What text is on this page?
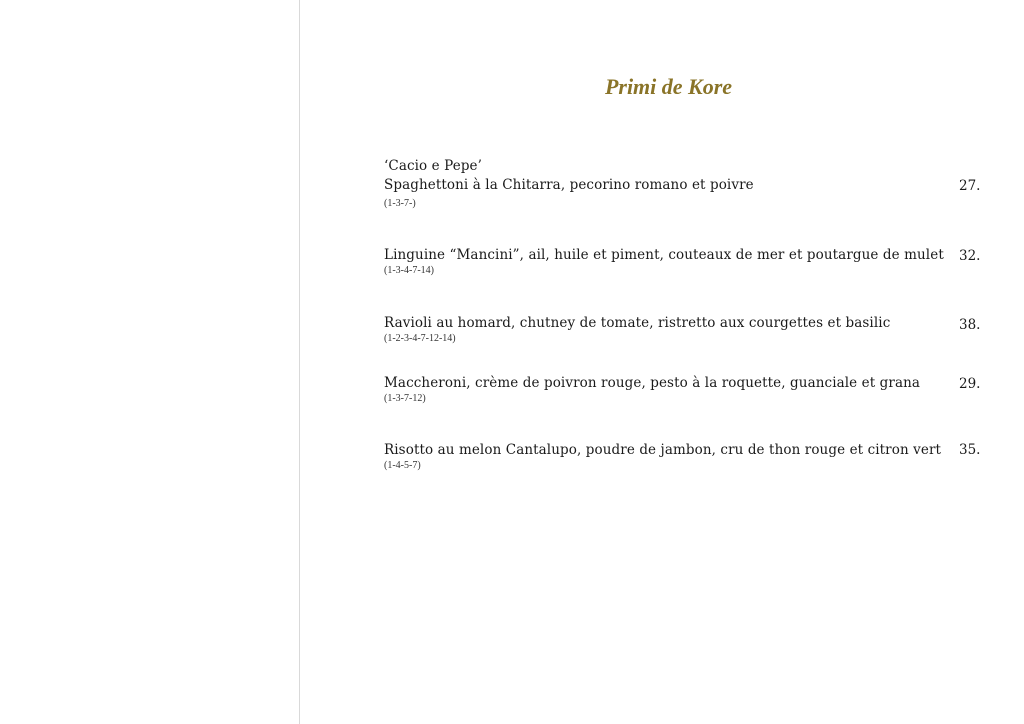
Primi de Kore
‘Cacio e Pepe’
Spaghettoni à la Chitarra, pecorino romano et poivre
(1-3-7-)
27.
Linguine “Mancini”, ail, huile et piment, couteaux de mer et poutargue de mulet
(1-3-4-7-14)
32.
Ravioli au homard, chutney de tomate, ristretto aux courgettes et basilic
(1-2-3-4-7-12-14)
38.
Maccheroni, crème de poivron rouge, pesto à la roquette, guanciale et grana
(1-3-7-12)
29.
Risotto au melon Cantalupo, poudre de jambon, cru de thon rouge et citron vert
(1-4-5-7)
35.
